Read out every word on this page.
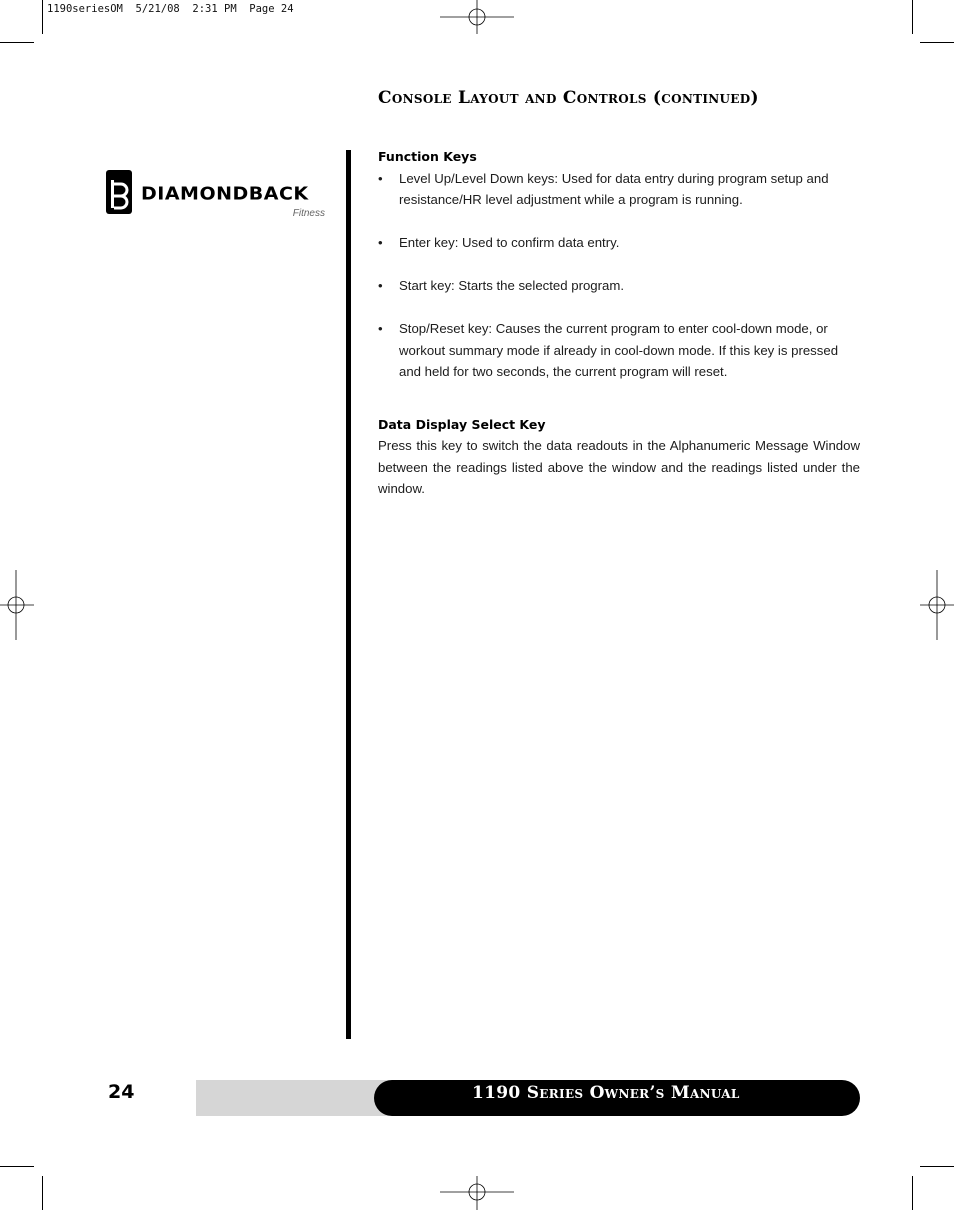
1190seriesOM  5/21/08  2:31 PM  Page 24
Console Layout and Controls (continued)
DIAMONDBACK
Fitness
Function Keys
• Level Up/Level Down keys: Used for data entry during program setup and resistance/HR level adjustment while a program is running.
• Enter key: Used to confirm data entry.
• Start key: Starts the selected program.
• Stop/Reset key: Causes the current program to enter cool-down mode, or workout summary mode if already in cool-down mode. If this key is pressed and held for two seconds, the current program will reset.
Data Display Select Key

Press this key to switch the data readouts in the Alphanumeric Message Window between the readings listed above the window and the readings listed under the window.

24	1190 Series Owner’s Manual
